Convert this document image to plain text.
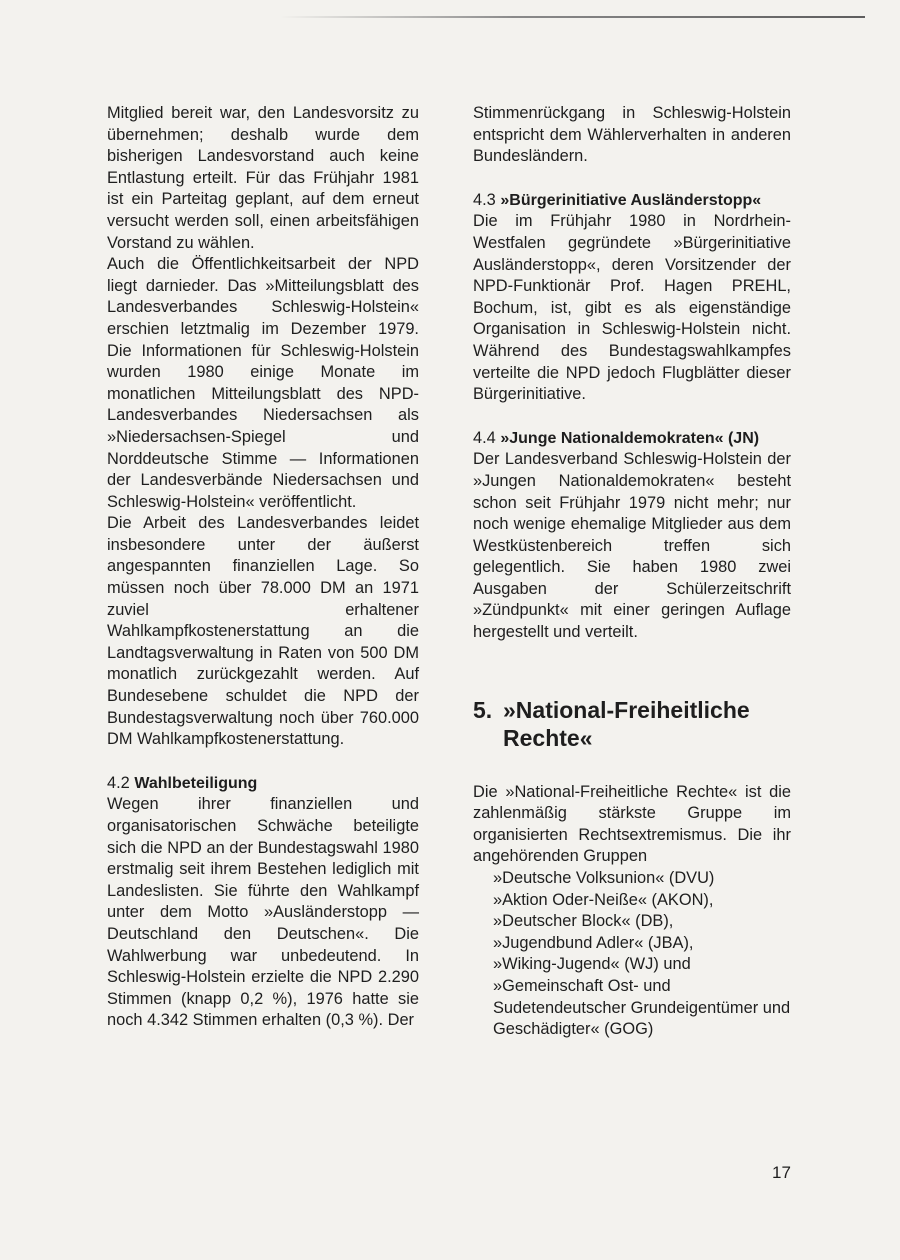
Mitglied bereit war, den Landesvorsitz zu übernehmen; deshalb wurde dem bisherigen Landesvorstand auch keine Entlastung erteilt. Für das Frühjahr 1981 ist ein Parteitag geplant, auf dem erneut versucht werden soll, einen arbeitsfähigen Vorstand zu wählen.

Auch die Öffentlichkeitsarbeit der NPD liegt darnieder. Das »Mitteilungsblatt des Landesverbandes Schleswig-Holstein« erschien letztmalig im Dezember 1979. Die Informationen für Schleswig-Holstein wurden 1980 einige Monate im monatlichen Mitteilungsblatt des NPD-Landesverbandes Niedersachsen als »Niedersachsen-Spiegel und Norddeutsche Stimme — Informationen der Landesverbände Niedersachsen und Schleswig-Holstein« veröffentlicht.

Die Arbeit des Landesverbandes leidet insbesondere unter der äußerst angespannten finanziellen Lage. So müssen noch über 78.000 DM an 1971 zuviel erhaltener Wahlkampfkostenerstattung an die Landtagsverwaltung in Raten von 500 DM monatlich zurückgezahlt werden. Auf Bundesebene schuldet die NPD der Bundestagsverwaltung noch über 760.000 DM Wahlkampfkostenerstattung.

4.2 Wahlbeteiligung

Wegen ihrer finanziellen und organisatorischen Schwäche beteiligte sich die NPD an der Bundestagswahl 1980 erstmalig seit ihrem Bestehen lediglich mit Landeslisten. Sie führte den Wahlkampf unter dem Motto »Ausländerstopp — Deutschland den Deutschen«. Die Wahlwerbung war unbedeutend. In Schleswig-Holstein erzielte die NPD 2.290 Stimmen (knapp 0,2 %), 1976 hatte sie noch 4.342 Stimmen erhalten (0,3 %). Der

Stimmenrückgang in Schleswig-Holstein entspricht dem Wählerverhalten in anderen Bundesländern.

4.3 »Bürgerinitiative Ausländerstopp«

Die im Frühjahr 1980 in Nordrhein-Westfalen gegründete »Bürgerinitiative Ausländerstopp«, deren Vorsitzender der NPD-Funktionär Prof. Hagen PREHL, Bochum, ist, gibt es als eigenständige Organisation in Schleswig-Holstein nicht. Während des Bundestagswahlkampfes verteilte die NPD jedoch Flugblätter dieser Bürgerinitiative.

4.4 »Junge Nationaldemokraten« (JN)

Der Landesverband Schleswig-Holstein der »Jungen Nationaldemokraten« besteht schon seit Frühjahr 1979 nicht mehr; nur noch wenige ehemalige Mitglieder aus dem Westküstenbereich treffen sich gelegentlich. Sie haben 1980 zwei Ausgaben der Schülerzeitschrift »Zündpunkt« mit einer geringen Auflage hergestellt und verteilt.

5. »National-Freiheitliche
Rechte«

Die »National-Freiheitliche Rechte« ist die zahlenmäßig stärkste Gruppe im organisierten Rechtsextremismus. Die ihr angehörenden Gruppen

»Deutsche Volksunion« (DVU)
»Aktion Oder-Neiße« (AKON),
»Deutscher Block« (DB),
»Jugendbund Adler« (JBA),
»Wiking-Jugend« (WJ) und
»Gemeinschaft Ost- und Sudetendeutscher Grundeigentümer und Geschädigter« (GOG)
17
